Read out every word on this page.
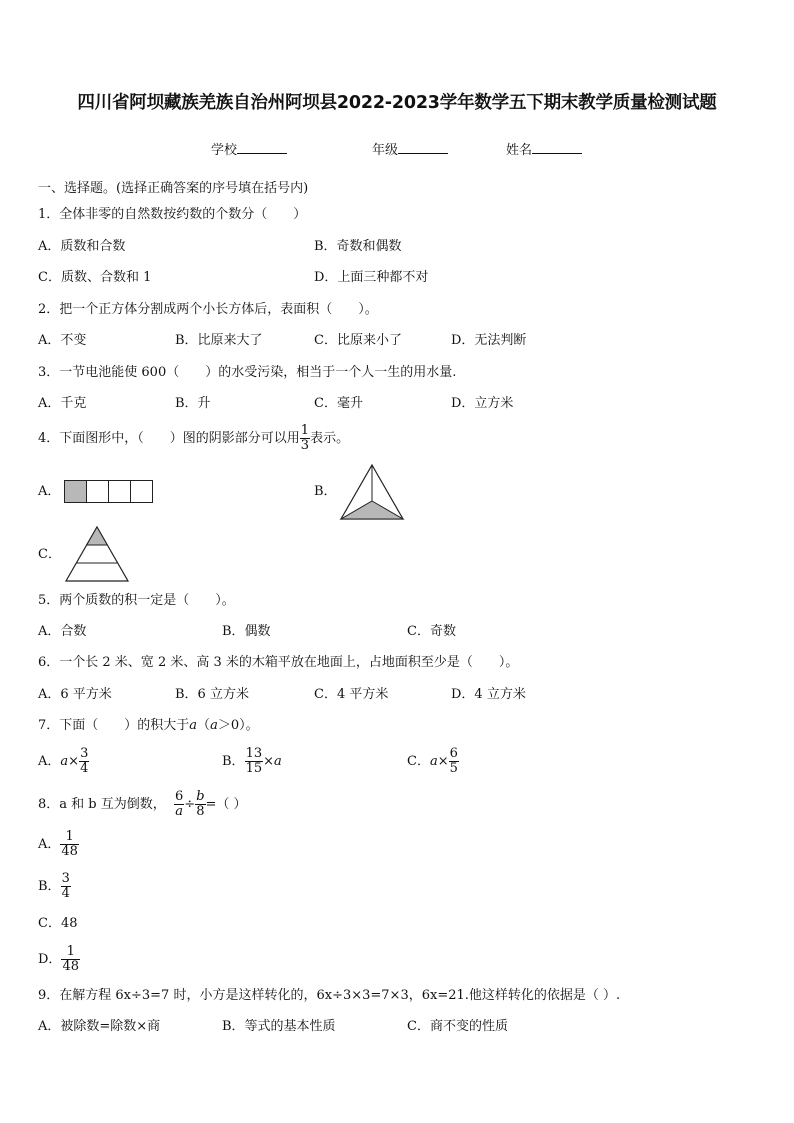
四川省阿坝藏族羌族自治州阿坝县2022-2023学年数学五下期末教学质量检测试题
学校	年级	姓名
一、选择题。(选择正确答案的序号填在括号内)
1．全体非零的自然数按约数的个数分（　　）
A．质数和合数	B．奇数和偶数
C．质数、合数和 1	D．上面三种都不对
2．把一个正方体分割成两个小长方体后，表面积（　　）。
A．不变	B．比原来大了	C．比原来小了	D．无法判断
3．一节电池能使 600（　　）的水受污染，相当于一个人一生的用水量.
A．千克	B．升	C．毫升	D．立方米
4．下面图形中，（　　）图的阴影部分可以用 $\frac{1}{3}$ 表示。
A．	B．
C．
5．两个质数的积一定是（　　）。
A．合数	B．偶数	C．奇数
6．一个长 2 米、宽 2 米、高 3 米的木箱平放在地面上，占地面积至少是（　　）。
A．6 平方米	B．6 立方米	C．4 平方米	D．4 立方米
7．下面（　　）的积大于a（a＞0）。
A．$a\times \frac{3}{4}$	B． $\frac{13}{15} \times a$	C．$a\times \frac{6}{5}$
8．a 和 b 互为倒数， $\frac{6}{a} \div \frac{b}{8}$ =（ ）
A． $\frac{1}{48}$
B． $\frac{3}{4}$
C．48
D． $\frac{1}{48}$
9．在解方程 6x÷3=7 时，小方是这样转化的，6x÷3×3=7×3，6x=21.他这样转化的依据是（ ）.
A．被除数=除数×商	B．等式的基本性质	C．商不变的性质
